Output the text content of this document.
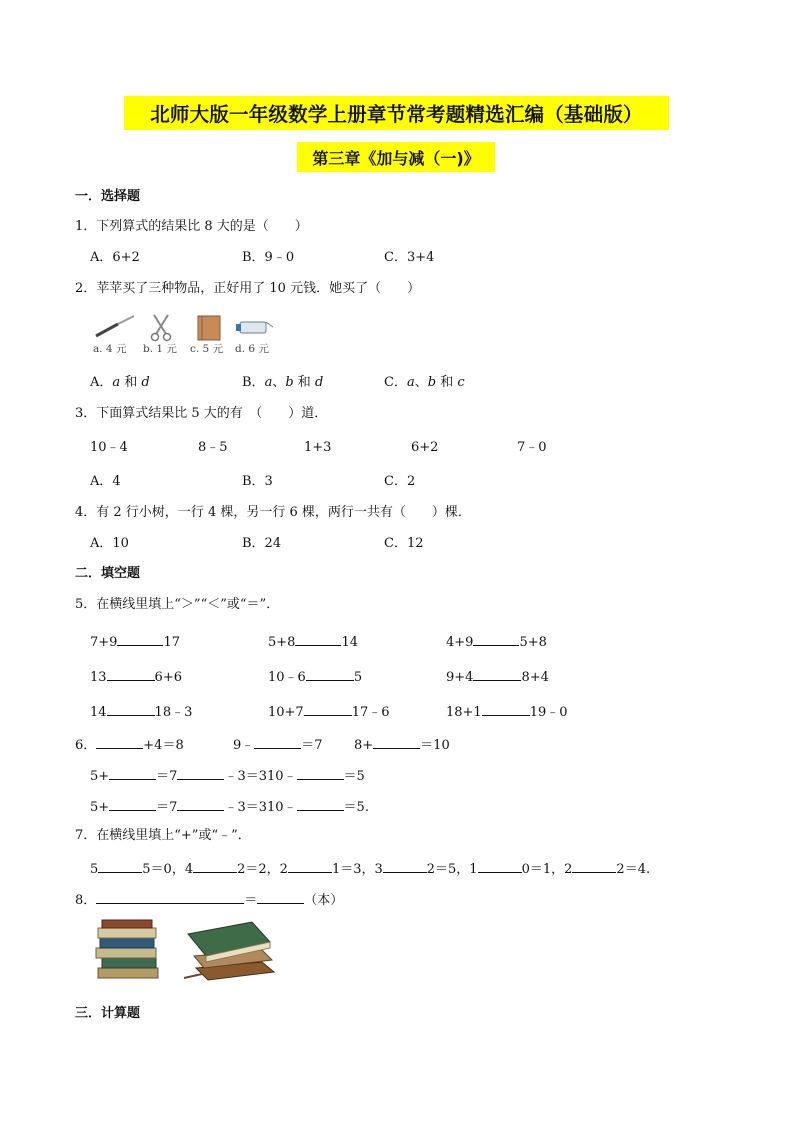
北师大版一年级数学上册章节常考题精选汇编（基础版）
第三章《加与减（一)》
一．选择题
1．下列算式的结果比 8 大的是（　　）
A．6+2	B．9﹣0	C．3+4
2．苹苹买了三种物品，正好用了 10 元钱．她买了（　　）
a. 4 元 b. 1 元 c. 5 元 d. 6 元
A．a 和 d	B．a、b 和 d	C．a、b 和 c
3．下面算式结果比 5 大的有　（　　）道．
10﹣4	8﹣5	1+3	6+2	7﹣0
A．4	B．3	C．2
4．有 2 行小树，一行 4 棵，另一行 6 棵，两行一共有（　　）棵．
A．10	B．24	C．12
二．填空题
5．在横线里填上“＞”“＜”或“＝”．
7+9	17	5+8	14	4+9	5+8
13	6+6	10﹣6	5	9+4	8+4
14	18﹣3	10+7	17﹣6	18+1	19﹣0
6．	+4＝8	9﹣	＝7 8+	＝10
5+	＝7	﹣3＝310﹣	＝5
5+	＝7	﹣3＝310﹣	＝5.
7．在横线里填上“+”或“﹣”．
5	5＝0，4	2＝2，2	1＝3，3	2＝5，1	0＝1，2	2＝4.
8．	＝	（本）
三．计算题
